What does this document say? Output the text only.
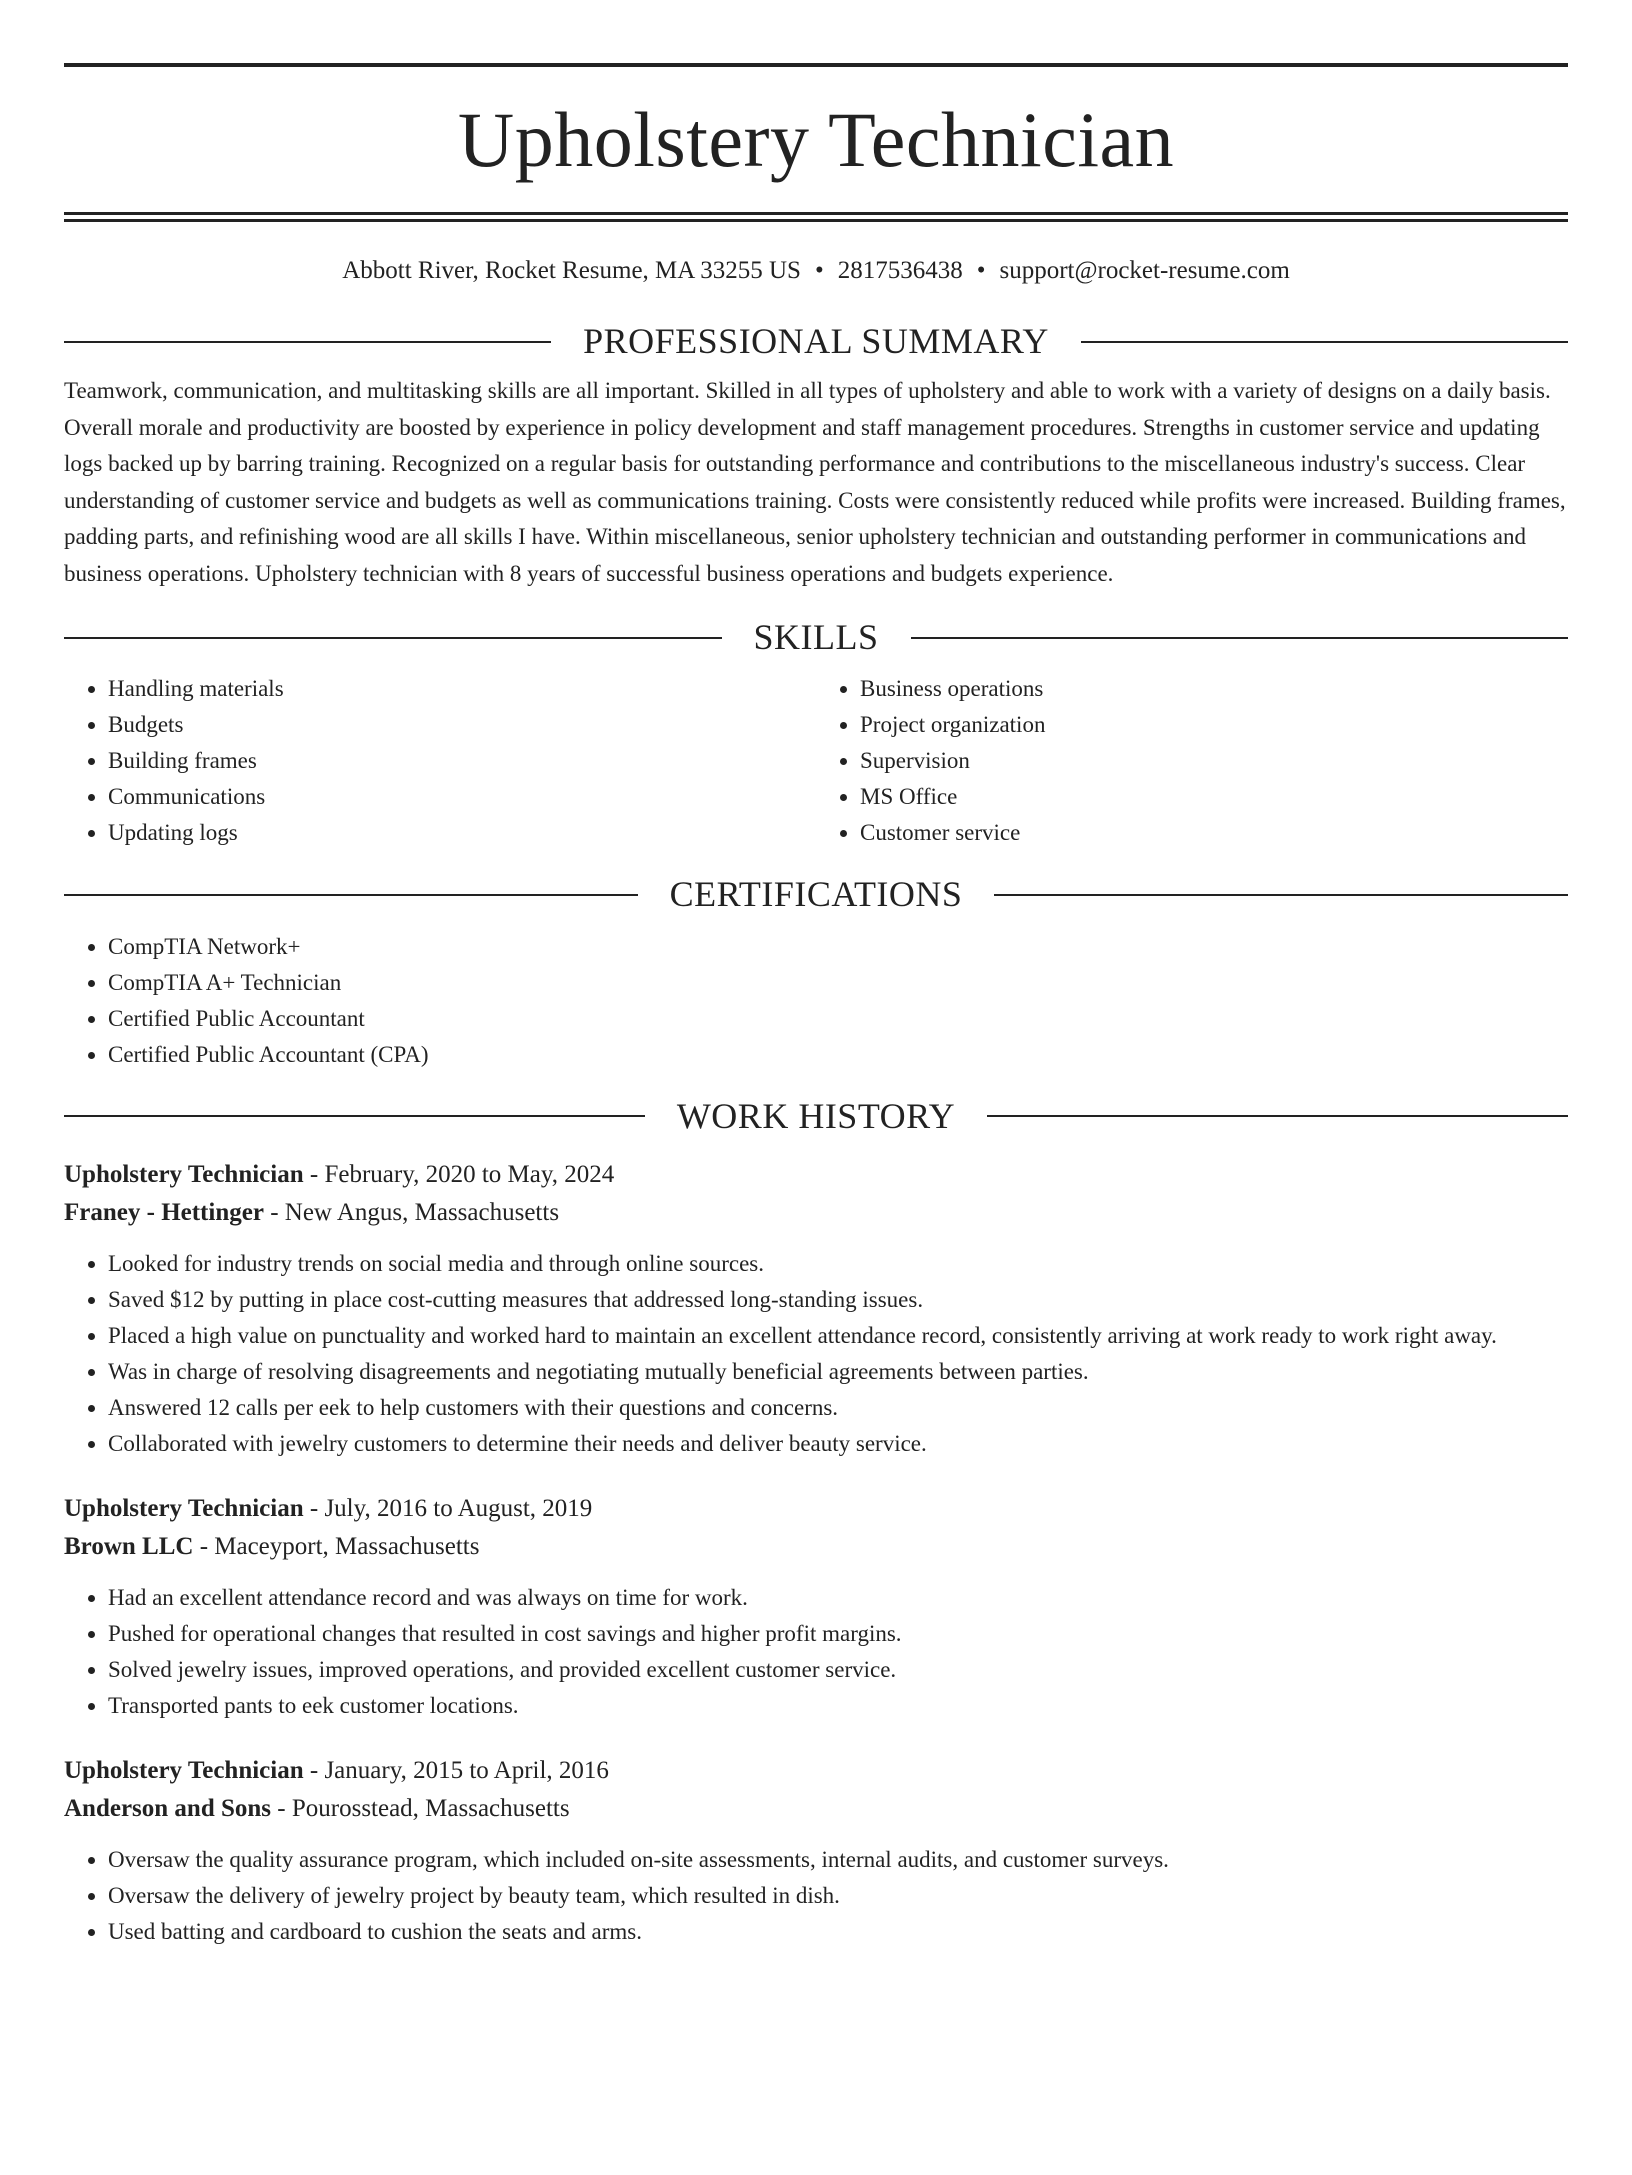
Upholstery Technician
Abbott River, Rocket Resume, MA 33255 US • 2817536438 • support@rocket-resume.com
PROFESSIONAL SUMMARY

Teamwork, communication, and multitasking skills are all important. Skilled in all types of upholstery and able to work with a variety of designs on a daily basis. Overall morale and productivity are boosted by experience in policy development and staff management procedures. Strengths in customer service and updating logs backed up by barring training. Recognized on a regular basis for outstanding performance and contributions to the miscellaneous industry's success. Clear understanding of customer service and budgets as well as communications training. Costs were consistently reduced while profits were increased. Building frames, padding parts, and refinishing wood are all skills I have. Within miscellaneous, senior upholstery technician and outstanding performer in communications and business operations. Upholstery technician with 8 years of successful business operations and budgets experience.

SKILLS
• Handling materials
• Budgets
• Building frames
• Communications
• Updating logs
• Business operations
• Project organization
• Supervision
• MS Office
• Customer service
CERTIFICATIONS
• CompTIA Network+
• CompTIA A+ Technician
• Certified Public Accountant
• Certified Public Accountant (CPA)
WORK HISTORY
Upholstery Technician - February, 2020 to May, 2024
Franey - Hettinger - New Angus, Massachusetts
• Looked for industry trends on social media and through online sources.
• Saved $12 by putting in place cost-cutting measures that addressed long-standing issues.
• Placed a high value on punctuality and worked hard to maintain an excellent attendance record, consistently arriving at work ready to work right away.
• Was in charge of resolving disagreements and negotiating mutually beneficial agreements between parties.
• Answered 12 calls per eek to help customers with their questions and concerns.
• Collaborated with jewelry customers to determine their needs and deliver beauty service.
Upholstery Technician - July, 2016 to August, 2019
Brown LLC - Maceyport, Massachusetts
• Had an excellent attendance record and was always on time for work.
• Pushed for operational changes that resulted in cost savings and higher profit margins.
• Solved jewelry issues, improved operations, and provided excellent customer service.
• Transported pants to eek customer locations.
Upholstery Technician - January, 2015 to April, 2016
Anderson and Sons - Pourosstead, Massachusetts
• Oversaw the quality assurance program, which included on-site assessments, internal audits, and customer surveys.
• Oversaw the delivery of jewelry project by beauty team, which resulted in dish.
• Used batting and cardboard to cushion the seats and arms.
